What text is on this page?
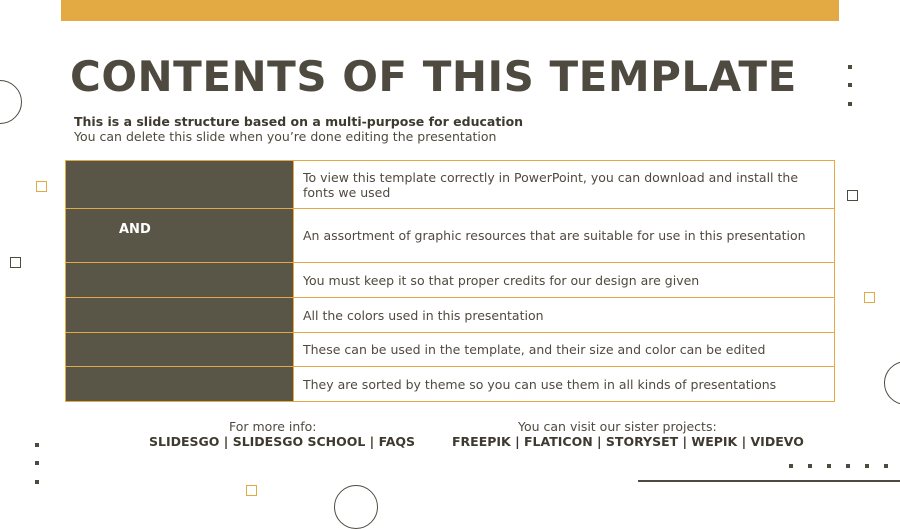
CONTENTS OF THIS TEMPLATE
This is a slide structure based on a multi-purpose for education
You can delete this slide when you’re done editing the presentation
	To view this template correctly in PowerPoint, you can download and install the fonts we used
AND	An assortment of graphic resources that are suitable for use in this presentation
	You must keep it so that proper credits for our design are given
	All the colors used in this presentation
	These can be used in the template, and their size and color can be edited
	They are sorted by theme so you can use them in all kinds of presentations
For more info:
SLIDESGO | SLIDESGO SCHOOL | FAQS
You can visit our sister projects:
FREEPIK | FLATICON | STORYSET | WEPIK | VIDEVO
